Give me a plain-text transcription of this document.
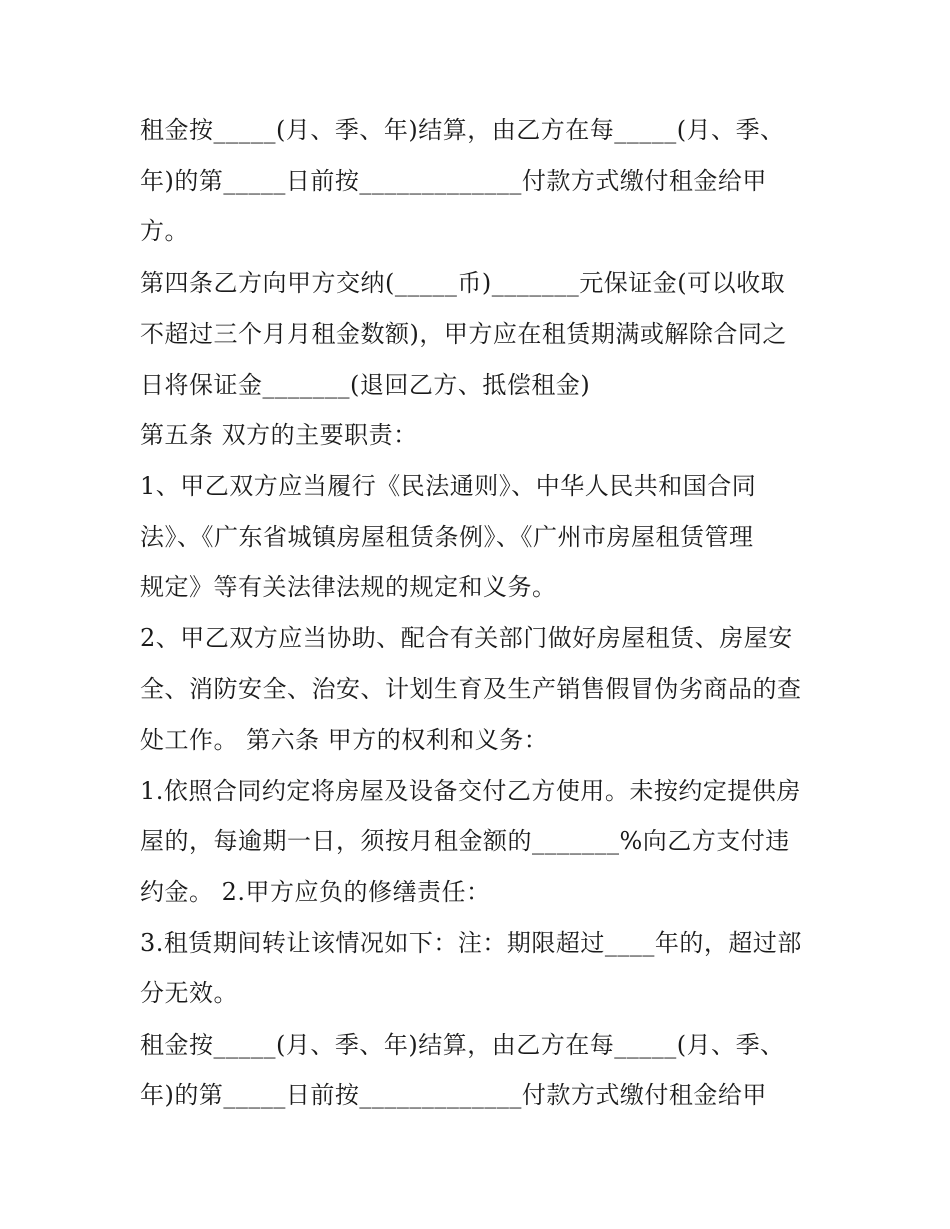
租金按_____(月、季、年)结算，由乙方在每_____(月、季、
年)的第_____日前按_____________付款方式缴付租金给甲
方。
第四条乙方向甲方交纳(_____币)_______元保证金(可以收取
不超过三个月月租金数额)，甲方应在租赁期满或解除合同之
日将保证金_______(退回乙方、抵偿租金)
第五条 双方的主要职责：
1、甲乙双方应当履行《民法通则》、中华人民共和国合同
法》、《广东省城镇房屋租赁条例》、《广州市房屋租赁管理
规定》等有关法律法规的规定和义务。
2、甲乙双方应当协助、配合有关部门做好房屋租赁、房屋安
全、消防安全、治安、计划生育及生产销售假冒伪劣商品的查
处工作。 第六条 甲方的权利和义务：
1.依照合同约定将房屋及设备交付乙方使用。未按约定提供房
屋的，每逾期一日，须按月租金额的_______%向乙方支付违
约金。 2.甲方应负的修缮责任：
3.租赁期间转让该情况如下：注：期限超过____年的，超过部
分无效。
租金按_____(月、季、年)结算，由乙方在每_____(月、季、
年)的第_____日前按_____________付款方式缴付租金给甲
